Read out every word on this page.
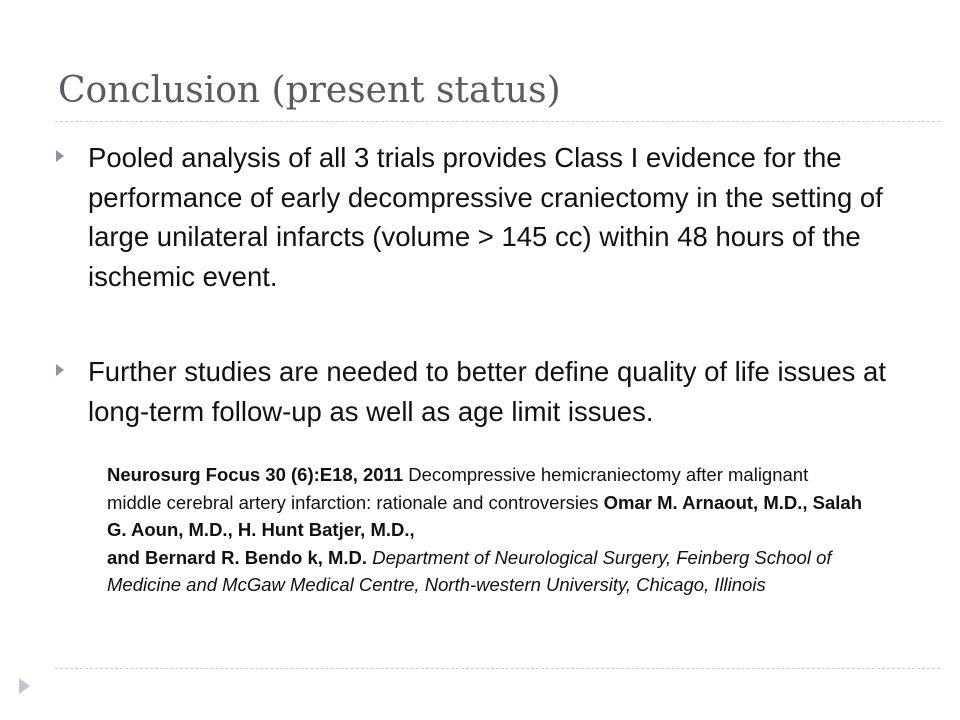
Conclusion (present status)

Pooled analysis of all 3 trials provides Class I evidence for the performance of early decompressive craniectomy in the setting of large unilateral infarcts (volume > 145 cc) within 48 hours of the ischemic event.

Further studies are needed to better define quality of life issues at long-term follow-up as well as age limit issues.

Neurosurg Focus 30 (6):E18, 2011 Decompressive hemicraniectomy after malignant middle cerebral artery infarction: rationale and controversies Omar M. Arnaout, M.D., Salah G. Aoun, M.D., H. Hunt Batjer, M.D.,
and Bernard R. Bendo k, M.D. Department of Neurological Surgery, Feinberg School of Medicine and McGaw Medical Centre, North-western University, Chicago, Illinois
